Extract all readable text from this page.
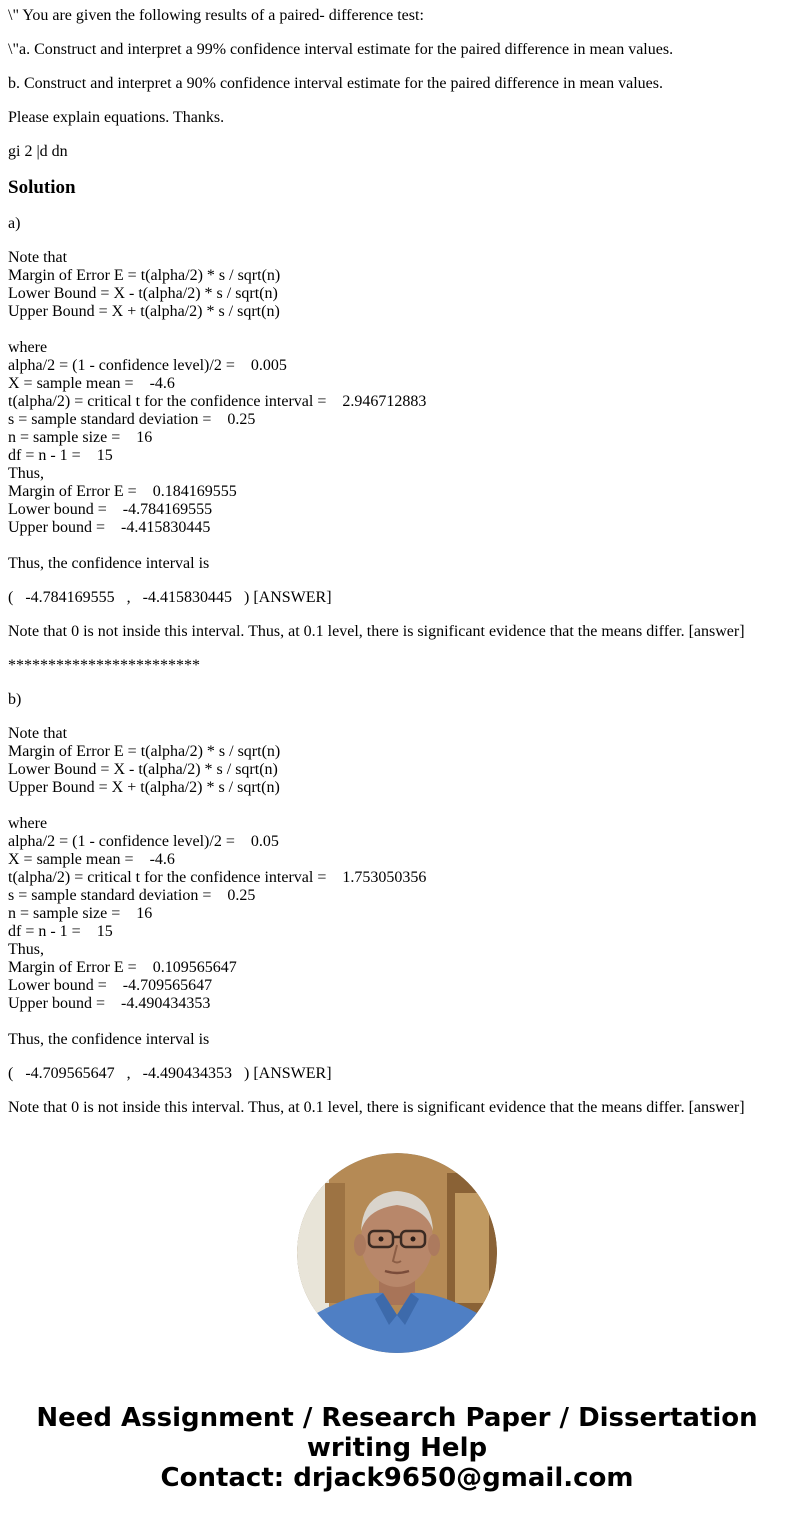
\" You are given the following results of a paired- difference test:

\"a. Construct and interpret a 99% confidence interval estimate for the paired difference in mean values.

b. Construct and interpret a 90% confidence interval estimate for the paired difference in mean values.

Please explain equations. Thanks.

gi 2 |d dn

Solution

a)

Note that
Margin of Error E = t(alpha/2) * s / sqrt(n)
Lower Bound = X - t(alpha/2) * s / sqrt(n)
Upper Bound = X + t(alpha/2) * s / sqrt(n)
where
alpha/2 = (1 - confidence level)/2 =    0.005
X = sample mean =    -4.6
t(alpha/2) = critical t for the confidence interval =    2.946712883
s = sample standard deviation =    0.25
n = sample size =    16
df = n - 1 =    15
Thus,
Margin of Error E =    0.184169555
Lower bound =    -4.784169555
Upper bound =    -4.415830445

Thus, the confidence interval is

(   -4.784169555   ,   -4.415830445   ) [ANSWER]

Note that 0 is not inside this interval. Thus, at 0.1 level, there is significant evidence that the means differ. [answer]

************************

b)

Note that
Margin of Error E = t(alpha/2) * s / sqrt(n)
Lower Bound = X - t(alpha/2) * s / sqrt(n)
Upper Bound = X + t(alpha/2) * s / sqrt(n)
where
alpha/2 = (1 - confidence level)/2 =    0.05
X = sample mean =    -4.6
t(alpha/2) = critical t for the confidence interval =    1.753050356
s = sample standard deviation =    0.25
n = sample size =    16
df = n - 1 =    15
Thus,
Margin of Error E =    0.109565647
Lower bound =    -4.709565647
Upper bound =    -4.490434353

Thus, the confidence interval is

(   -4.709565647   ,   -4.490434353   ) [ANSWER]

Note that 0 is not inside this interval. Thus, at 0.1 level, there is significant evidence that the means differ. [answer]

Need Assignment / Research Paper / Dissertation
writing Help
Contact: drjack9650@gmail.com
